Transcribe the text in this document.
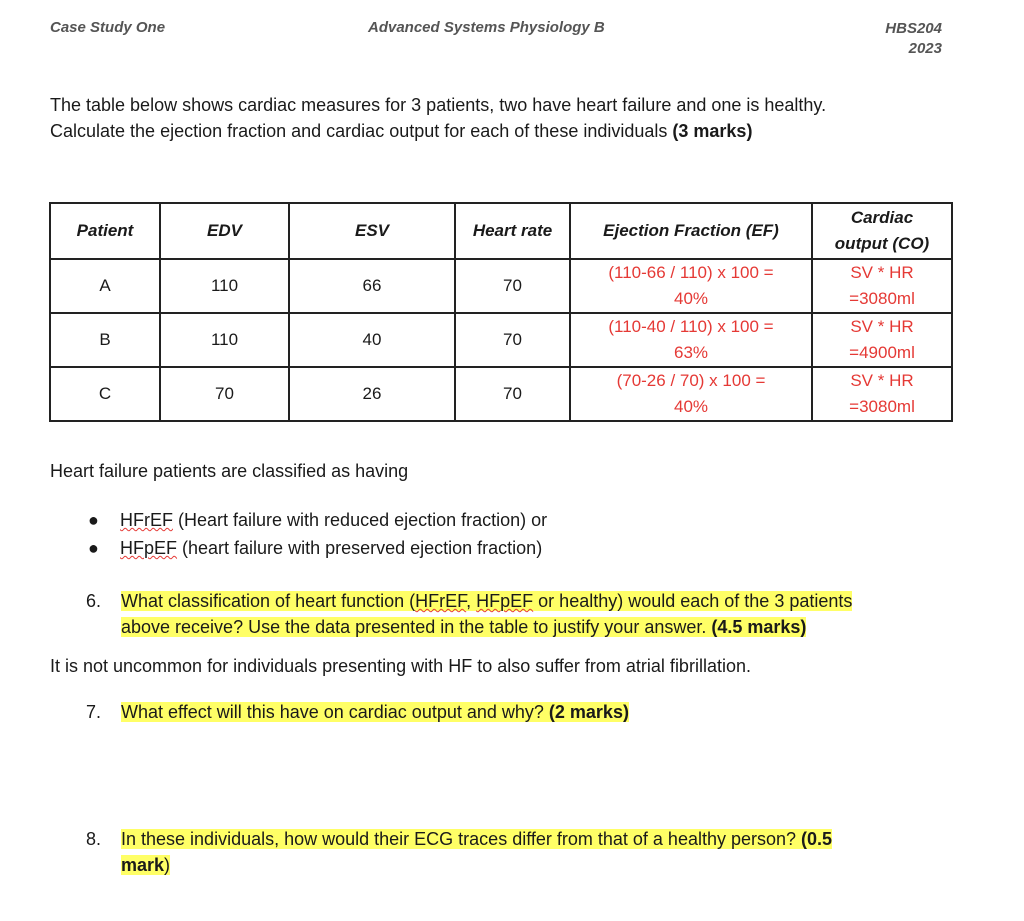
Case Study One	Advanced Systems Physiology B	HBS204
2023
The table below shows cardiac measures for 3 patients, two have heart failure and one is healthy.
Calculate the ejection fraction and cardiac output for each of these individuals (3 marks)
Patient	EDV	ESV	Heart rate	Ejection Fraction (EF)	Cardiac
output (CO)
A	110	66	70	(110-66 / 110) x 100 =
40%	SV * HR
=3080ml
B	110	40	70	(110-40 / 110) x 100 =
63%	SV * HR
=4900ml
C	70	26	70	(70-26 / 70) x 100 =
40%	SV * HR
=3080ml
Heart failure patients are classified as having
● HFrEF (Heart failure with reduced ejection fraction) or
● HFpEF (heart failure with preserved ejection fraction)
6. What classification of heart function (HFrEF, HFpEF or healthy) would each of the 3 patients
above receive? Use the data presented in the table to justify your answer. (4.5 marks)
It is not uncommon for individuals presenting with HF to also suffer from atrial fibrillation.
7. What effect will this have on cardiac output and why? (2 marks)
8. In these individuals, how would their ECG traces differ from that of a healthy person? (0.5
mark)
